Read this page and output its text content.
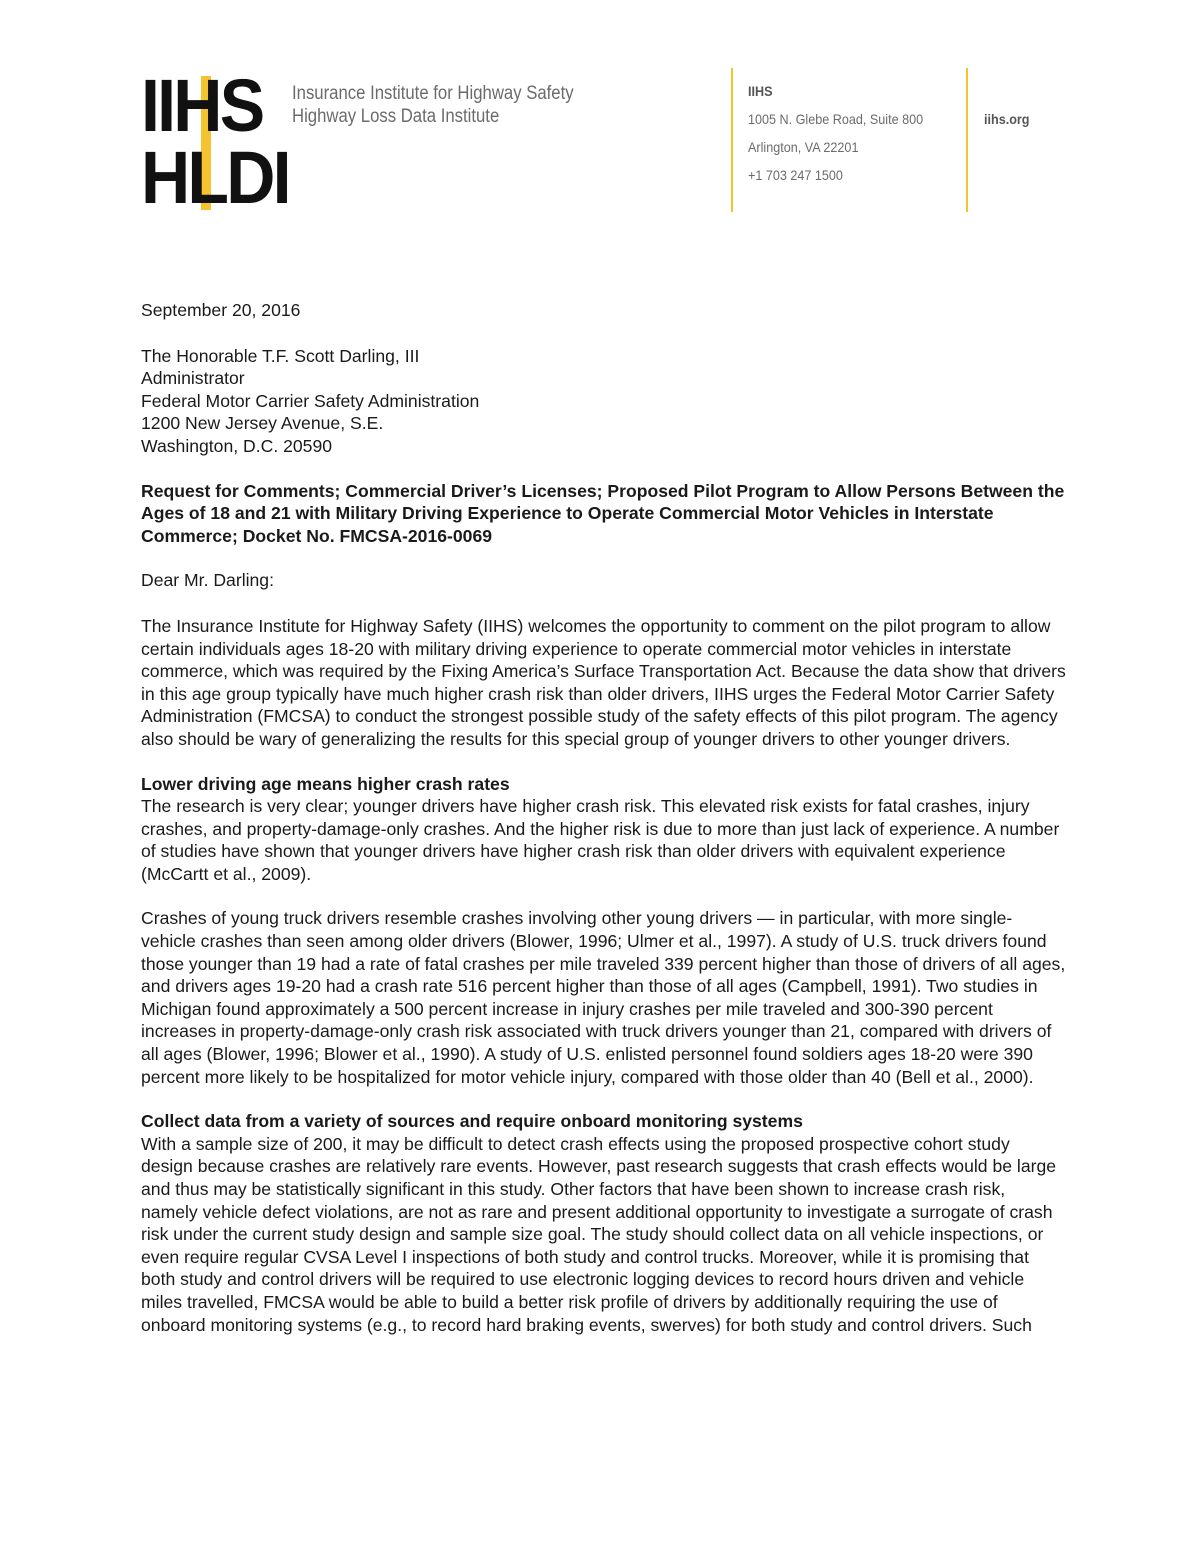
IIHS
HLDI
Insurance Institute for Highway Safety
Highway Loss Data Institute
IIHS
1005 N. Glebe Road, Suite 800
Arlington, VA 22201
+1 703 247 1500
iihs.org

September 20, 2016

The Honorable T.F. Scott Darling, III
Administrator
Federal Motor Carrier Safety Administration
1200 New Jersey Avenue, S.E.
Washington, D.C. 20590

Request for Comments; Commercial Driver’s Licenses; Proposed Pilot Program to Allow Persons Between the Ages of 18 and 21 with Military Driving Experience to Operate Commercial Motor Vehicles in Interstate Commerce; Docket No. FMCSA-2016-0069

Dear Mr. Darling:

The Insurance Institute for Highway Safety (IIHS) welcomes the opportunity to comment on the pilot program to allow certain individuals ages 18-20 with military driving experience to operate commercial motor vehicles in interstate commerce, which was required by the Fixing America’s Surface Transportation Act. Because the data show that drivers in this age group typically have much higher crash risk than older drivers, IIHS urges the Federal Motor Carrier Safety Administration (FMCSA) to conduct the strongest possible study of the safety effects of this pilot program. The agency also should be wary of generalizing the results for this special group of younger drivers to other younger drivers.

Lower driving age means higher crash rates

The research is very clear; younger drivers have higher crash risk. This elevated risk exists for fatal crashes, injury crashes, and property-damage-only crashes. And the higher risk is due to more than just lack of experience. A number of studies have shown that younger drivers have higher crash risk than older drivers with equivalent experience (McCartt et al., 2009).

Crashes of young truck drivers resemble crashes involving other young drivers — in particular, with more single-vehicle crashes than seen among older drivers (Blower, 1996; Ulmer et al., 1997). A study of U.S. truck drivers found those younger than 19 had a rate of fatal crashes per mile traveled 339 percent higher than those of drivers of all ages, and drivers ages 19-20 had a crash rate 516 percent higher than those of all ages (Campbell, 1991). Two studies in Michigan found approximately a 500 percent increase in injury crashes per mile traveled and 300-390 percent increases in property-damage-only crash risk associated with truck drivers younger than 21, compared with drivers of all ages (Blower, 1996; Blower et al., 1990). A study of U.S. enlisted personnel found soldiers ages 18-20 were 390 percent more likely to be hospitalized for motor vehicle injury, compared with those older than 40 (Bell et al., 2000).

Collect data from a variety of sources and require onboard monitoring systems

With a sample size of 200, it may be difficult to detect crash effects using the proposed prospective cohort study design because crashes are relatively rare events. However, past research suggests that crash effects would be large and thus may be statistically significant in this study. Other factors that have been shown to increase crash risk, namely vehicle defect violations, are not as rare and present additional opportunity to investigate a surrogate of crash risk under the current study design and sample size goal. The study should collect data on all vehicle inspections, or even require regular CVSA Level I inspections of both study and control trucks. Moreover, while it is promising that both study and control drivers will be required to use electronic logging devices to record hours driven and vehicle miles travelled, FMCSA would be able to build a better risk profile of drivers by additionally requiring the use of onboard monitoring systems (e.g., to record hard braking events, swerves) for both study and control drivers. Such
